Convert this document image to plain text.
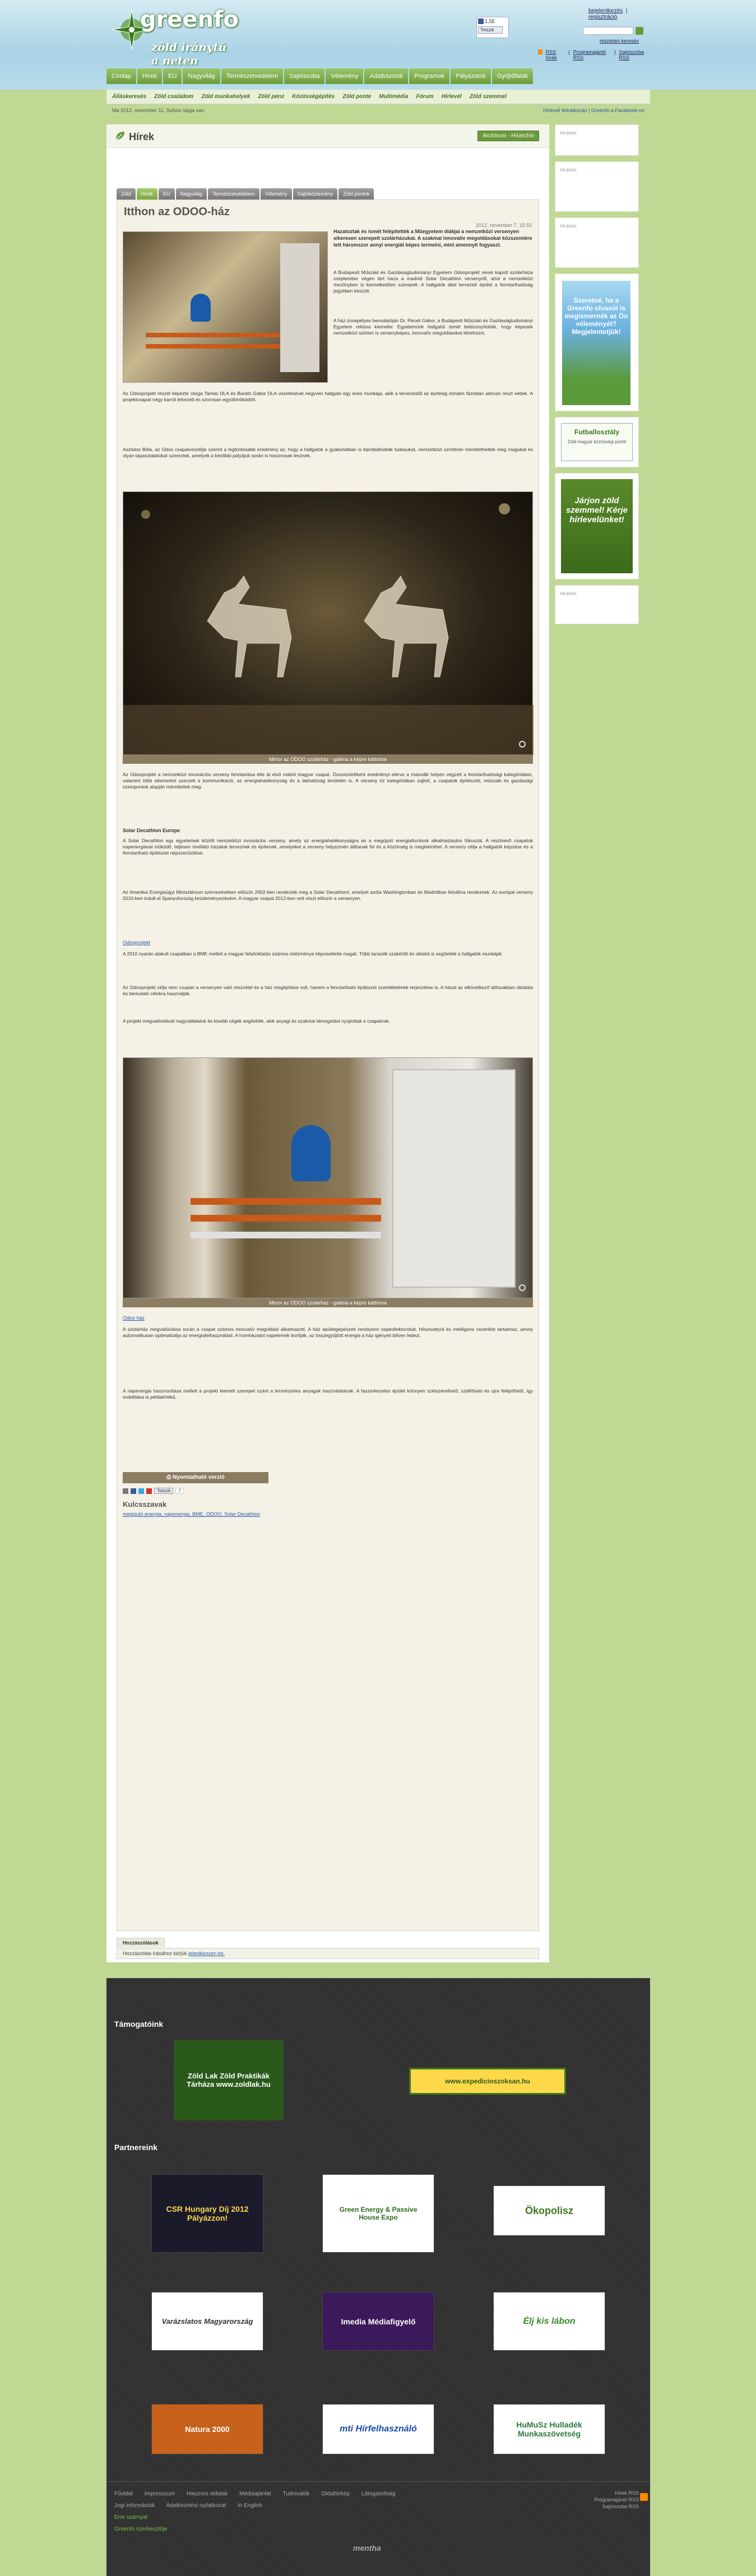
greenfo
zöld iránytű a neten
bejelentkezés  |  regisztráció
1,5E
Tetszik
részletes keresés
RSS hírek
| Programajánló RSS
| Sajtószoba RSS
Címlap	Hírek	EU	Nagyvilág	Természetvédelem	Sajtószoba	Vélemény	Adatbázisok	Programok	Pályázatok	Gyűjtőfalak
Álláskeresés Zöld családom Zöld munkahelyek Zöld pénz Közösségépítés Zöld ponte Multimédia Fórum Hírlevél Zöld szemmel
Ma 2012. november 11. Szilvia napja van	Hírlevél feliratkozás | Greenfo a Facebook-on
Hírek	Archívum - Hírarchív
Zöld	Hírek	EU	Nagyvilág	Természetvédelem	Vélemény	Sajtóközlemény	Zöld pontok
Itthon az ODOO-ház
2012. november 7. 15:55
Hazatoztak és ismét felépítették a Műegyetem diákjai a nemzetközi versenyen sikeresen szerepelt szolárházukat. A szakmai innovatív megoldásokat közszemlére tett háromszor annyi energiát képes termelni, mint amennyit fogyaszt.
A Budapesti Műszaki és Gazdaságtudományi Egyetem Odooprojekt nevet kapott szolárháza szeptember végén tért haza a madridi Solar Decathlon versenyről, ahol a nemzetközi mezőnyben is kiemelkedően szerepelt. A hallgatók által tervezett épület a fenntarthatóság jegyében készült.
A ház ünnepélyes bemutatóján Dr. Péceli Gábor, a Budapesti Műszaki és Gazdaságtudományi Egyetem rektora kiemelte: Egyetemünk hallgatói ismét bebizonyították, hogy képesek nemzetközi szinten is versenyképes, innovatív megoldásokat létrehozni.
Az Odooprojekt részét képezte Varga Tamás DLA és Baráth Gábor DLA vezetésével negyven hallgató egy éves munkája, akik a tervezéstől az építésig minden fázisban aktívan részt vettek. A projektcsapat négy karról érkezett és szorosan együttműködött.
Asztalos Béla, az Odoo csapatvezetője szerint a legfontosabb eredmény az, hogy a hallgatók a gyakorlatban is kipróbálhatták tudásukat, nemzetközi színtéren mérettethették meg magukat és olyan tapasztalatokat szereztek, amelyek a későbbi pályájuk során is hasznosak lesznek.
Mirror az ODOO szolárház - galéria a képre kattintva
Az Odooprojekt a nemzetközi innovációs verseny fenntartása élte át első mából magyar csapat. Összesítettként eredményt elérve a második helyen végzett a fenntarthatósági kategóriában, valamint több elismerést szerzett a kommunikáció, az energiahatékonyság és a lakhatóság területén is. A verseny tíz kategóriában zajlott, a csapatok építészeti, műszaki és gazdasági szempontok alapján mérettettek meg.
Solar Decathlon Europe
A Solar Decathlon egy egyetemek között nemzetközi innovációs verseny, amely az energiahatékonyságra és a megújuló energiaforrások alkalmazására fókuszál. A résztvevő csapatok napenergiával működő, teljesen önellátó házakat terveznek és építenek, amelyeket a verseny helyszínén állítanak fel és a közönség is megtekinthet. A verseny célja a hallgatók képzése és a fenntartható építészet népszerűsítése.
Az Amerikai Energiaügyi Minisztérium szervezésében először 2002-ben rendezték meg a Solar Decathlont, amelyet azóta Washingtonban és Madridban felváltva rendeznek. Az európai verseny 2010-ben indult el Spanyolország kezdeményezésére. A magyar csapat 2012-ben vett részt először a versenyen.
Odooprojekt
A 2010 nyarán alakult csapatban a BME mellett a magyar felsőoktatás számos intézménye képviseltette magát. Több tanszék szakértői és oktatói is segítették a hallgatók munkáját.
Az Odooprojekt célja nem csupán a versenyen való részvétel és a ház megépítése volt, hanem a fenntartható építészet szemléletének terjesztése is. A házat az elkövetkező időszakban oktatási és bemutató célokra használják.
A projekt megvalósítását nagyvállalatok és kisebb cégek segítették, akik anyagi és szakmai támogatást nyújtottak a csapatnak.
Mirror az ODOO szolárház - galéria a képre kattintva
Odoo ház
A szolárház megvalósítása során a csapat számos innovatív megoldást alkalmazott. A ház épületgépészeti rendszere napkollektorokat, hőszivattyút és intelligens vezérlést tartalmaz, amely automatikusan optimalizálja az energiafelhasználást. A homlokzatot napelemek borítják, az összegyűjtött energia a ház igényeit bőven fedezi.
A napenergia hasznosítása mellett a projekt kiemelt szerepet szánt a természetes anyagok használatának. A faszerkezetes épület könnyen szétszerelhető, szállítható és újra felépíthető, így mobilitása is példaértékű.
⎙ Nyomtatható verzió
Tetszik	7
Kulcsszavak
megújuló energia, napenergia, BME, ODOO, Solar Decathlon
Hozzászólások
Hozzászólás írásához kérjük jelentkezzen be.
Hirdetés
Hirdetés
Hirdetés
Szeretné, ha a Greenfo olvasói is megismernék az Ön véleményét? Megjelentetjük!
Futballosztály
Zöld magyar közösségi portál
Járjon zöld szemmel! Kérje hírlevelünket!
Hirdetés
Támogatóink
Zöld Lak Zöld Praktikák Tárháza www.zoldlak.hu	www.expedicioszoksan.hu
Partnereink
CSR Hungary Díj 2012 Pályázzon!
Green Energy & Passive House Expo
Ökopolisz
Varázslatos Magyarország	Imedia Médiafigyelő	Élj kis lábon
Natura 2000	mti Hírfelhasználó	HuMuSz Hulladék Munkaszövetség
Főoldal Impresszum Hasznos oldalak Médiaajánlat Tudnivalók Oldaltérkép Látogatottság
Jogi információk Adatkezelési nyilatkozat In English
Erre szárnyal
Greenfo szerkesztője
Hírek RSS
Programajánló RSS
Sajtószoba RSS
mentha
